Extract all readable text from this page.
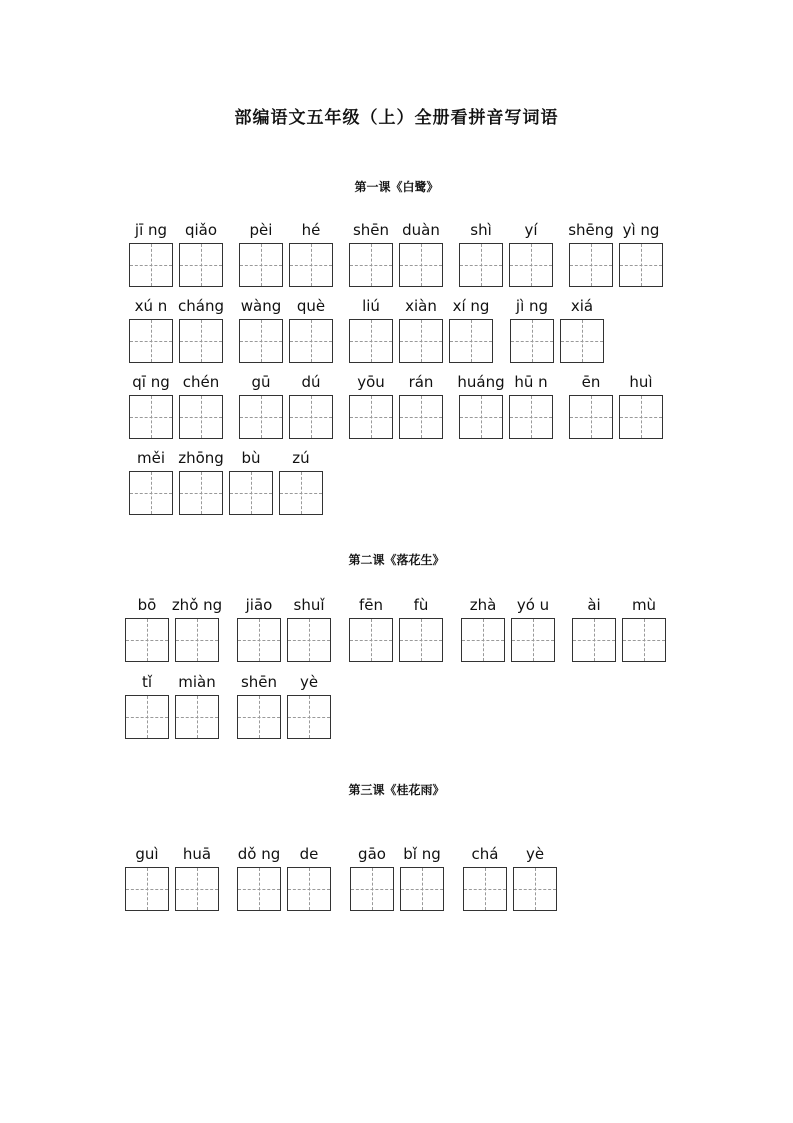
部编语文五年级（上）全册看拼音写词语
第一课《白鹭》
jī ng	qiǎo	pèi	hé	shēn duàn	shì	yí	shēng yì ng
xú n cháng	wàng	què	liú	xiàn	xí ng	jì ng	xiá
qī ng chén	gū	dú	yōu	rán	huáng hū n	ēn	huì
měi zhōng	bù	zú
第二课《落花生》
bō	zhǒ ng	jiāo	shuǐ	fēn	fù	zhà	yó u	ài	mù
tǐ	miàn	shēn	yè
第三课《桂花雨》
guì	huā	dǒ ng	de	gāo	bǐ ng	chá	yè
